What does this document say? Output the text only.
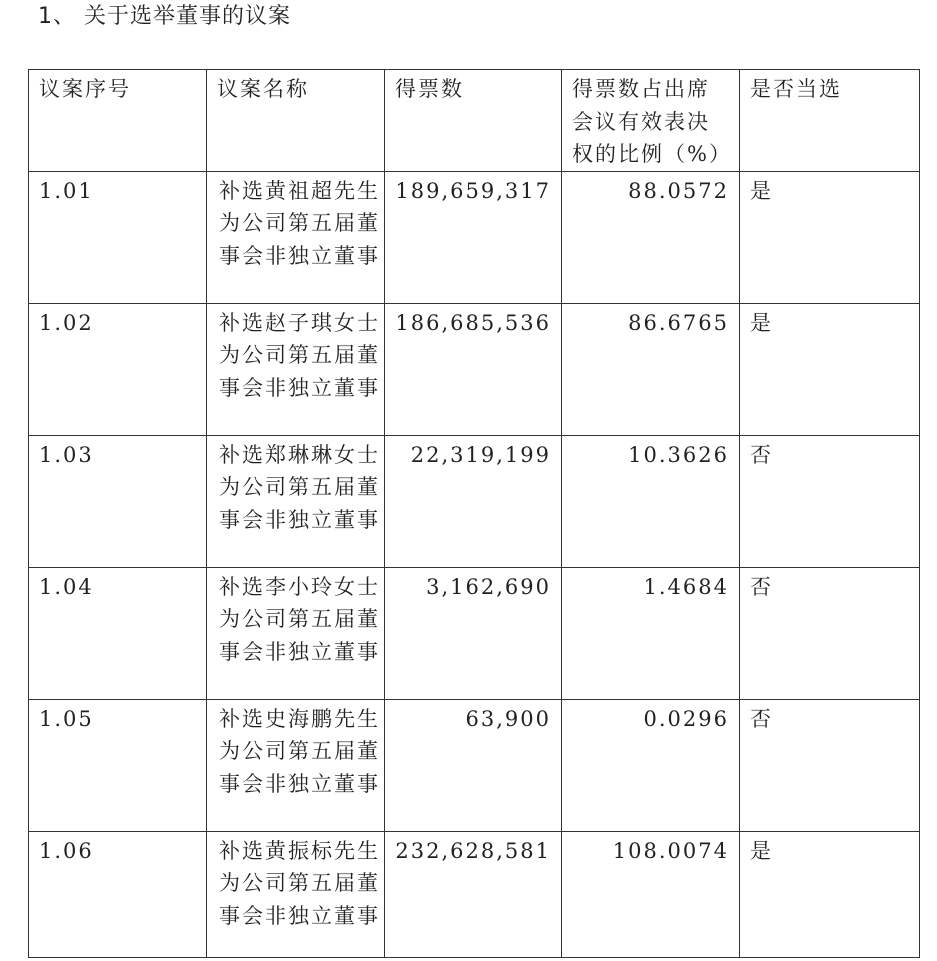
1、 关于选举董事的议案
议案序号	议案名称	得票数	得票数占出席会议有效表决权的比例（%）	是否当选
1.01	补选黄祖超先生为公司第五届董事会非独立董事	189,659,317	88.0572	是
1.02	补选赵子琪女士为公司第五届董事会非独立董事	186,685,536	86.6765	是
1.03	补选郑琳琳女士为公司第五届董事会非独立董事	22,319,199	10.3626	否
1.04	补选李小玲女士为公司第五届董事会非独立董事	3,162,690	1.4684	否
1.05	补选史海鹏先生为公司第五届董事会非独立董事	63,900	0.0296	否
1.06	补选黄振标先生为公司第五届董事会非独立董事	232,628,581	108.0074	是
